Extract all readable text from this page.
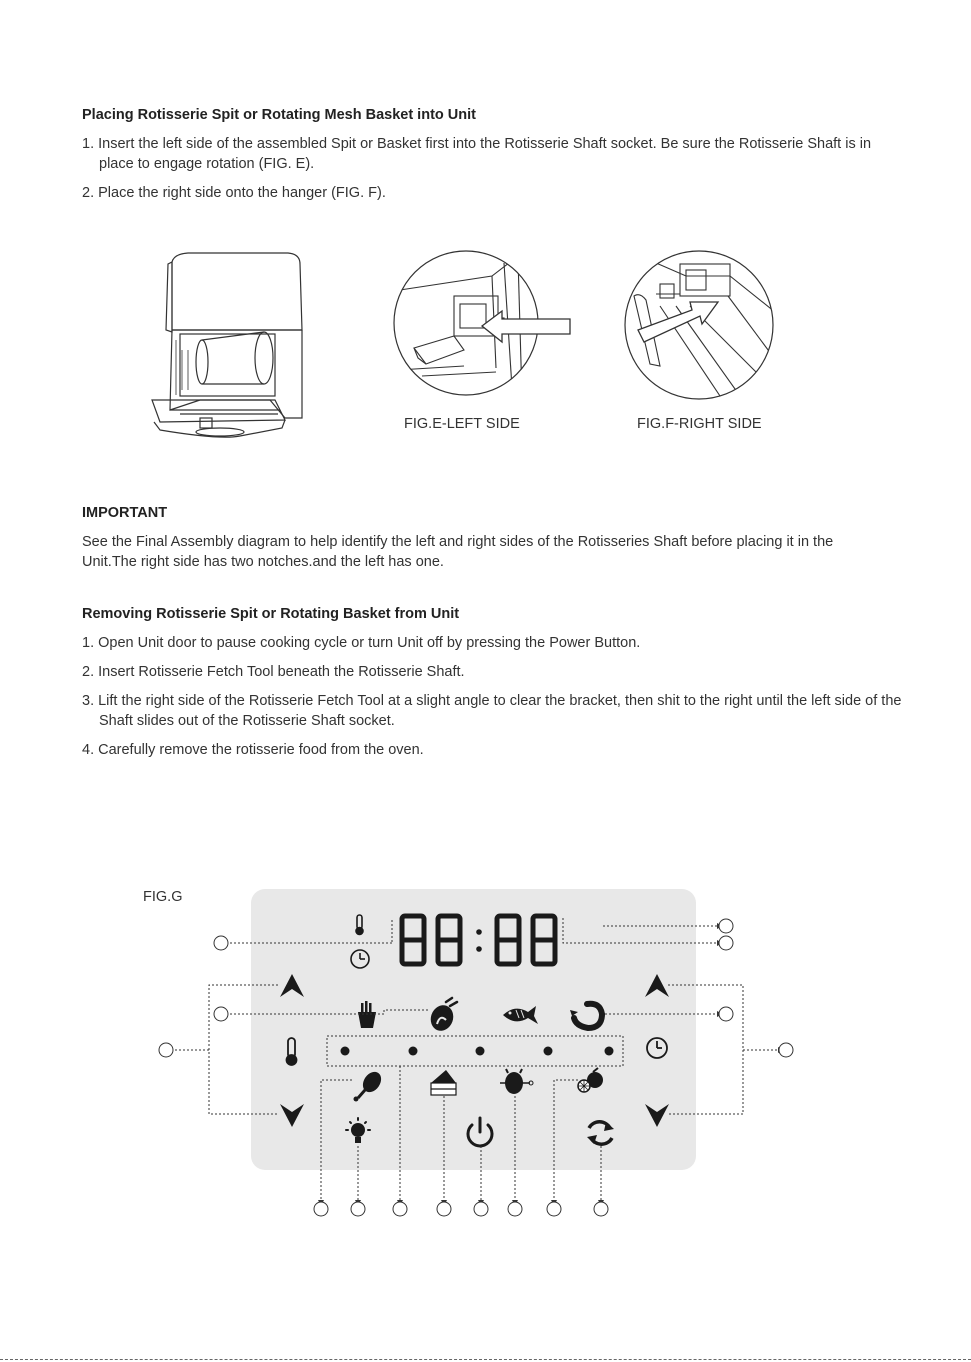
Placing Rotisserie Spit or Rotating Mesh Basket into Unit
1. Insert the left side of the assembled Spit or Basket first into the Rotisserie Shaft socket. Be sure the Rotisserie Shaft is in place to engage rotation (FIG. E).
2. Place the right side onto the hanger (FIG. F).
FIG.E-LEFT SIDE	FIG.F-RIGHT SIDE
IMPORTANT
See the Final Assembly diagram to help identify the left and right sides of the Rotisseries Shaft before placing it in the Unit.The right side has two notches.and the left has one.
Removing Rotisserie Spit or Rotating Basket from Unit
1. Open Unit door to pause cooking cycle or turn Unit off by pressing the Power Button.
2. Insert Rotisserie Fetch Tool beneath the Rotisserie Shaft.
3. Lift the right side of the Rotisserie Fetch Tool at a slight angle to clear the bracket, then shit to the right until the left side of the Shaft slides out of the Rotisserie Shaft socket.
4. Carefully remove the rotisserie food from the oven.
FIG.G
